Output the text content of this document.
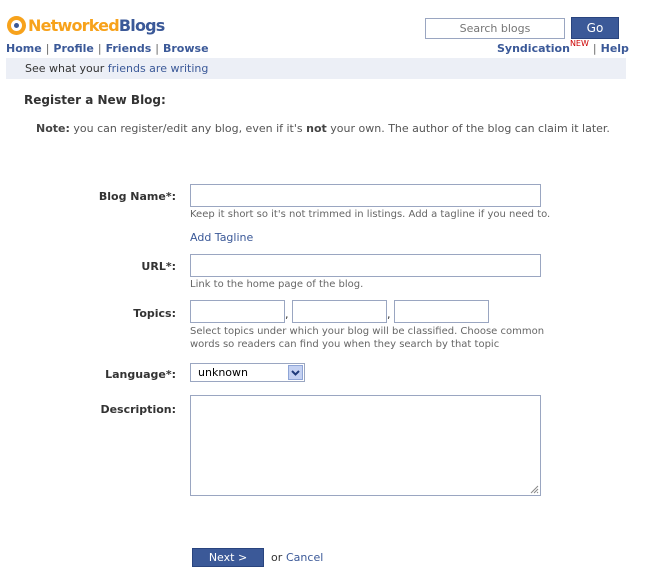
NetworkedBlogs
Search blogs	Go
Home | Profile | Friends | Browse	Syndication$^{NEW}$ | Help
See what your friends are writing
Register a New Blog:
Note: you can register/edit any blog, even if it's not your own. The author of the blog can claim it later.
Blog Name*:
Keep it short so it's not trimmed in listings. Add a tagline if you need to.
Add Tagline
URL*:
Link to the home page of the blog.
Topics:	,	,
Select topics under which your blog will be classified. Choose common
words so readers can find you when they search by that topic
Language*:	unknown
Description:
Next >	or Cancel
